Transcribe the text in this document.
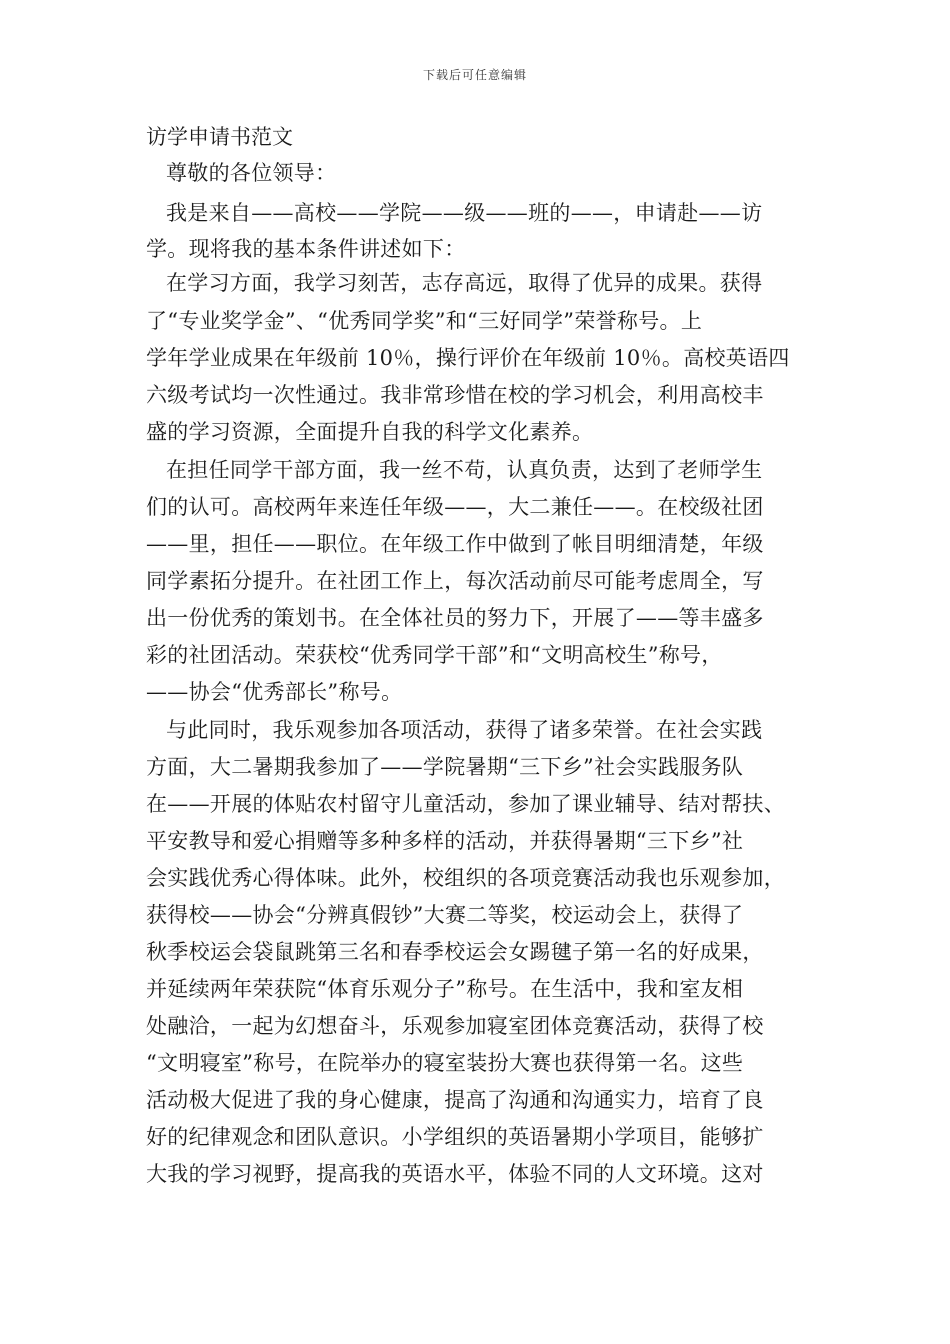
下载后可任意编辑
访学申请书范文
尊敬的各位领导：
我是来自——高校——学院——级——班的——，申请赴——访
学。现将我的基本条件讲述如下：
在学习方面，我学习刻苦，志存高远，取得了优异的成果。获得
了“专业奖学金”、“优秀同学奖”和“三好同学”荣誉称号。上
学年学业成果在年级前 10％，操行评价在年级前 10％。高校英语四
六级考试均一次性通过。我非常珍惜在校的学习机会，利用高校丰
盛的学习资源，全面提升自我的科学文化素养。
在担任同学干部方面，我一丝不苟，认真负责，达到了老师学生
们的认可。高校两年来连任年级——，大二兼任——。在校级社团
——里，担任——职位。在年级工作中做到了帐目明细清楚，年级
同学素拓分提升。在社团工作上，每次活动前尽可能考虑周全，写
出一份优秀的策划书。在全体社员的努力下，开展了——等丰盛多
彩的社团活动。荣获校“优秀同学干部”和“文明高校生”称号，
——协会“优秀部长”称号。
与此同时，我乐观参加各项活动，获得了诸多荣誉。在社会实践
方面，大二暑期我参加了——学院暑期“三下乡”社会实践服务队
在——开展的体贴农村留守儿童活动，参加了课业辅导、结对帮扶、
平安教导和爱心捐赠等多种多样的活动，并获得暑期“三下乡”社
会实践优秀心得体味。此外，校组织的各项竞赛活动我也乐观参加，
获得校——协会“分辨真假钞”大赛二等奖，校运动会上，获得了
秋季校运会袋鼠跳第三名和春季校运会女踢毽子第一名的好成果，
并延续两年荣获院“体育乐观分子”称号。在生活中，我和室友相
处融洽，一起为幻想奋斗，乐观参加寝室团体竞赛活动，获得了校
“文明寝室”称号，在院举办的寝室装扮大赛也获得第一名。这些
活动极大促进了我的身心健康，提高了沟通和沟通实力，培育了良
好的纪律观念和团队意识。小学组织的英语暑期小学项目，能够扩
大我的学习视野，提高我的英语水平，体验不同的人文环境。这对
